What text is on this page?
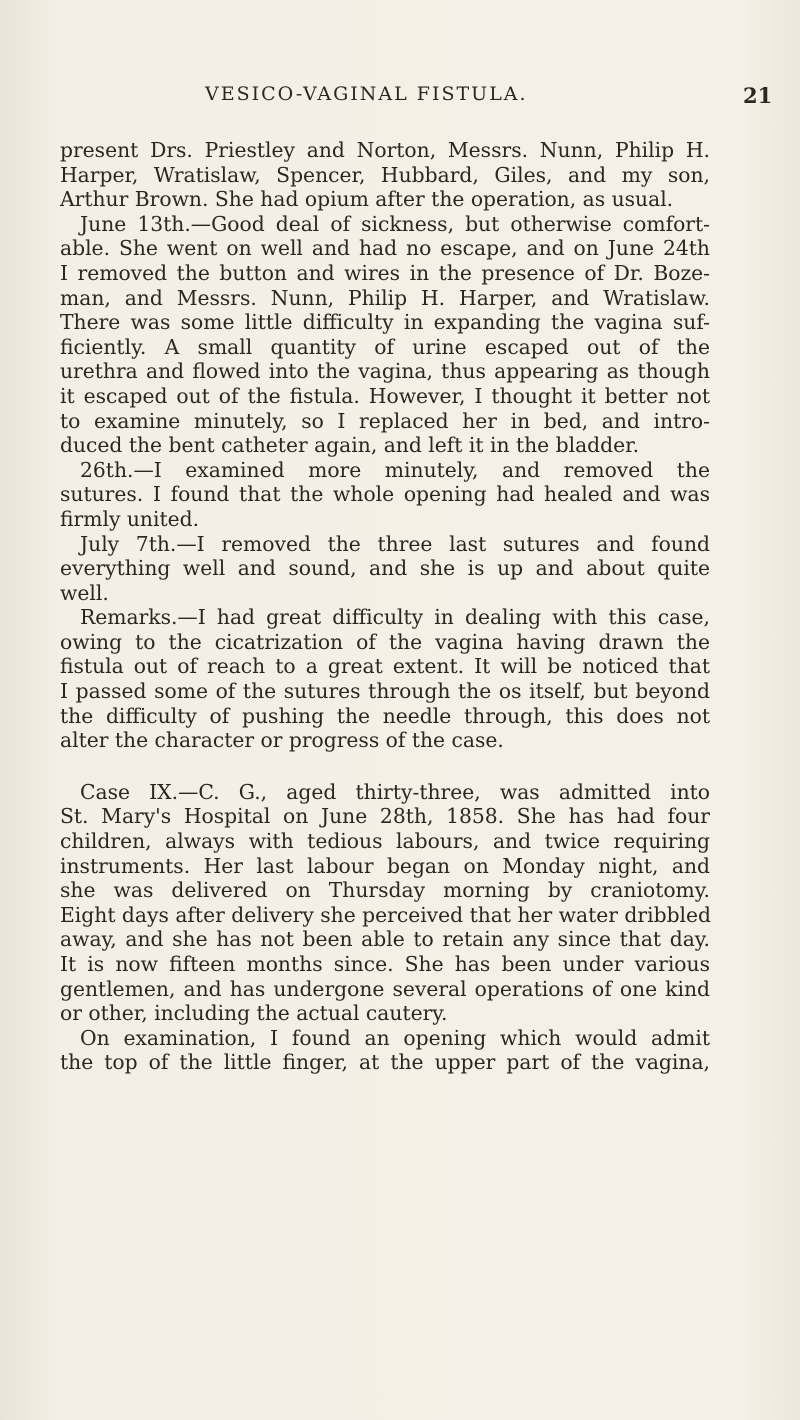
VESICO-VAGINAL FISTULA.	21
present Drs. Priestley and Norton, Messrs. Nunn, Philip H.
Harper, Wratislaw, Spencer, Hubbard, Giles, and my son,
Arthur Brown. She had opium after the operation, as usual.
June 13th.—Good deal of sickness, but otherwise comfort-
able. She went on well and had no escape, and on June 24th
I removed the button and wires in the presence of Dr. Boze-
man, and Messrs. Nunn, Philip H. Harper, and Wratislaw.
There was some little difficulty in expanding the vagina suf-
ficiently. A small quantity of urine escaped out of the
urethra and flowed into the vagina, thus appearing as though
it escaped out of the fistula. However, I thought it better not
to examine minutely, so I replaced her in bed, and intro-
duced the bent catheter again, and left it in the bladder.
26th.—I examined more minutely, and removed the
sutures. I found that the whole opening had healed and was
firmly united.
July 7th.—I removed the three last sutures and found
everything well and sound, and she is up and about quite
well.
Remarks.—I had great difficulty in dealing with this case,
owing to the cicatrization of the vagina having drawn the
fistula out of reach to a great extent. It will be noticed that
I passed some of the sutures through the os itself, but beyond
the difficulty of pushing the needle through, this does not
alter the character or progress of the case.
Case IX.—C. G., aged thirty-three, was admitted into
St. Mary's Hospital on June 28th, 1858. She has had four
children, always with tedious labours, and twice requiring
instruments. Her last labour began on Monday night, and
she was delivered on Thursday morning by craniotomy.
Eight days after delivery she perceived that her water dribbled
away, and she has not been able to retain any since that day.
It is now fifteen months since. She has been under various
gentlemen, and has undergone several operations of one kind
or other, including the actual cautery.
On examination, I found an opening which would admit
the top of the little finger, at the upper part of the vagina,
